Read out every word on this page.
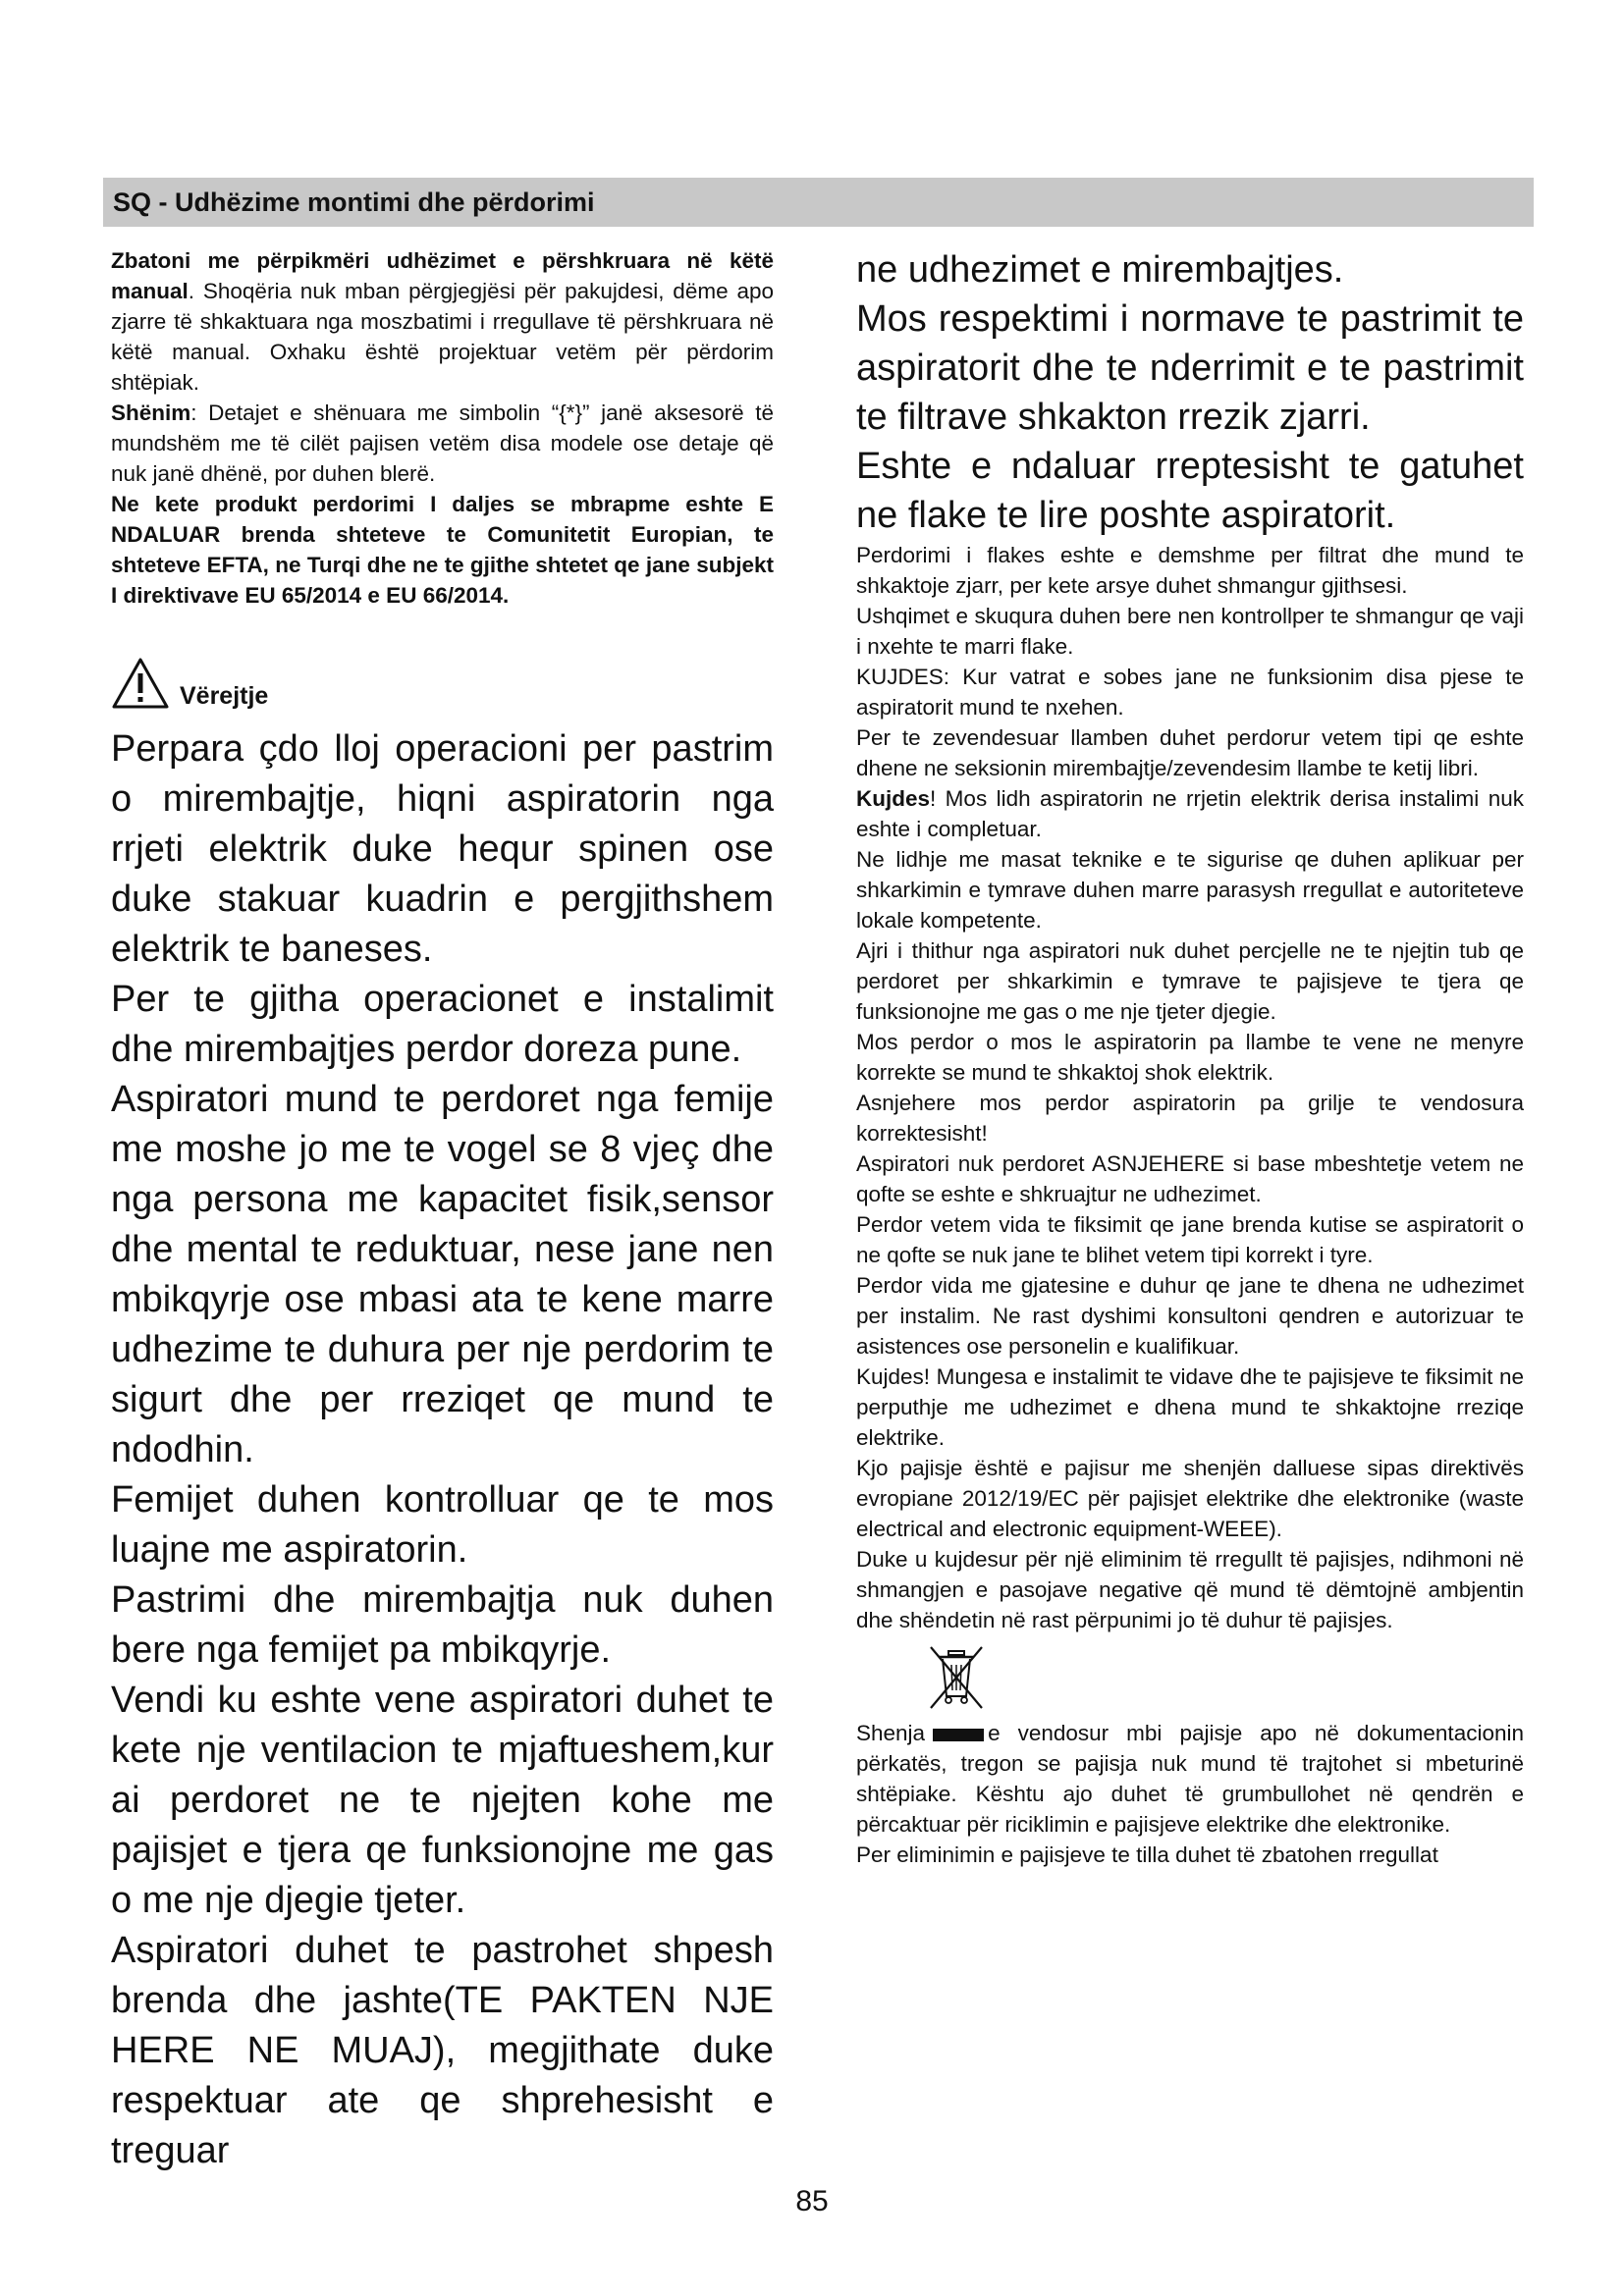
SQ - Udhëzime montimi dhe përdorimi

Zbatoni me përpikmëri udhëzimet e përshkruara në këtë manual. Shoqëria nuk mban përgjegjësi për pakujdesi, dëme apo zjarre të shkaktuara nga moszbatimi i rregullave të përshkruara në këtë manual. Oxhaku është projektuar vetëm për përdorim shtëpiak.

Shënim: Detajet e shënuara me simbolin “{*}” janë aksesorë të mundshëm me të cilët pajisen vetëm disa modele ose detaje që nuk janë dhënë, por duhen blerë.

Ne kete produkt perdorimi I daljes se mbrapme eshte E NDALUAR brenda shteteve te Comunitetit Europian, te shteteve EFTA, ne Turqi dhe ne te gjithe shtetet qe jane subjekt I direktivave EU 65/2014 e EU 66/2014.

Vërejtje

Perpara çdo lloj operacioni per pastrim o mirembajtje, hiqni aspiratorin nga rrjeti elektrik duke hequr spinen ose duke stakuar kuadrin e pergjithshem elektrik te baneses.

Per te gjitha operacionet e instalimit dhe mirembajtjes perdor doreza pune.

Aspiratori mund te perdoret nga femije me moshe jo me te vogel se 8 vjeç dhe nga persona me kapacitet fisik,sensor dhe mental te reduktuar, nese jane nen mbikqyrje ose mbasi ata te kene marre udhezime te duhura per nje perdorim te sigurt dhe per rreziqet qe mund te ndodhin.

Femijet duhen kontrolluar qe te mos luajne me aspiratorin.

Pastrimi dhe mirembajtja nuk duhen bere nga femijet pa mbikqyrje.

Vendi ku eshte vene aspiratori duhet te kete nje ventilacion te mjaftueshem,kur ai perdoret ne te njejten kohe me pajisjet e tjera qe funksionojne me gas o me nje djegie tjeter.

Aspiratori duhet te pastrohet shpesh brenda dhe jashte(TE PAKTEN NJE HERE NE MUAJ), megjithate duke respektuar ate qe shprehesisht e treguar

ne udhezimet e mirembajtjes.

Mos respektimi i normave te pastrimit te aspiratorit dhe te nderrimit e te pastrimit te filtrave shkakton rrezik zjarri.

Eshte e ndaluar rreptesisht te gatuhet ne flake te lire poshte aspiratorit.

Perdorimi i flakes eshte e demshme per filtrat dhe mund te shkaktoje zjarr, per kete arsye duhet shmangur gjithsesi.

Ushqimet e skuqura duhen bere nen kontrollper te shmangur qe vaji i nxehte te marri flake.

KUJDES: Kur vatrat e sobes jane ne funksionim disa pjese te aspiratorit mund te nxehen.

Per te zevendesuar llamben duhet perdorur vetem tipi qe eshte dhene ne seksionin mirembajtje/zevendesim llambe te ketij libri.

Kujdes! Mos lidh aspiratorin ne rrjetin elektrik derisa instalimi nuk eshte i completuar.

Ne lidhje me masat teknike e te sigurise qe duhen aplikuar per shkarkimin e tymrave duhen marre parasysh rregullat e autoriteteve lokale kompetente.

Ajri i thithur nga aspiratori nuk duhet percjelle ne te njejtin tub qe perdoret per shkarkimin e tymrave te pajisjeve te tjera qe funksionojne me gas o me nje tjeter djegie.

Mos perdor o mos le aspiratorin pa llambe te vene ne menyre korrekte se mund te shkaktoj shok elektrik.

Asnjehere mos perdor aspiratorin pa grilje te vendosura korrektesisht!

Aspiratori nuk perdoret ASNJEHERE si base mbeshtetje vetem ne qofte se eshte e shkruajtur ne udhezimet.

Perdor vetem vida te fiksimit qe jane brenda kutise se aspiratorit o ne qofte se nuk jane te blihet vetem tipi korrekt i tyre.

Perdor vida me gjatesine e duhur qe jane te dhena ne udhezimet per instalim. Ne rast dyshimi konsultoni qendren e autorizuar te asistences ose personelin e kualifikuar.

Kujdes! Mungesa e instalimit te vidave dhe te pajisjeve te fiksimit ne perputhje me udhezimet e dhena mund te shkaktojne rreziqe elektrike.

Kjo pajisje është e pajisur me shenjën dalluese sipas direktivës evropiane 2012/19/EC për pajisjet elektrike dhe elektronike (waste electrical and electronic equipment-WEEE).

Duke u kujdesur për një eliminim të rregullt të pajisjes, ndihmoni në shmangjen e pasojave negative që mund të dëmtojnë ambjentin dhe shëndetin në rast përpunimi jo të duhur të pajisjes.

Shenja	e vendosur mbi pajisje apo në dokumentacionin përkatës, tregon se pajisja nuk mund të trajtohet si mbeturinë shtëpiake. Kështu ajo duhet të grumbullohet në qendrën e përcaktuar për riciklimin e pajisjeve elektrike dhe elektronike.

Per eliminimin e pajisjeve te tilla duhet të zbatohen rregullat

85
